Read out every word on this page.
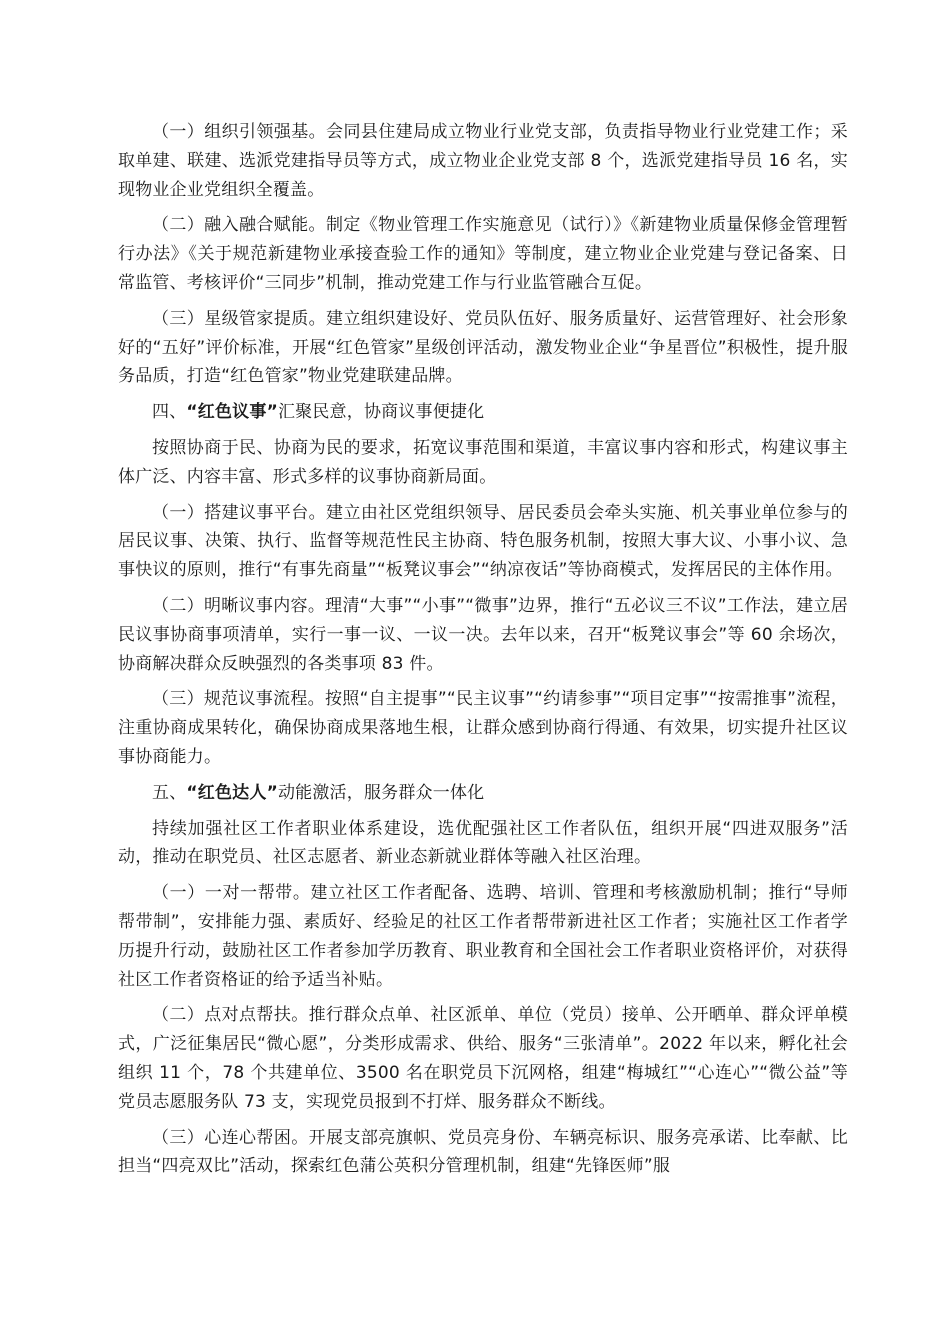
（一）组织引领强基。会同县住建局成立物业行业党支部，负责指导物业行业党建工作；采取单建、联建、选派党建指导员等方式，成立物业企业党支部 8 个，选派党建指导员 16 名，实现物业企业党组织全覆盖。

（二）融入融合赋能。制定《物业管理工作实施意见（试行）》《新建物业质量保修金管理暂行办法》《关于规范新建物业承接查验工作的通知》等制度，建立物业企业党建与登记备案、日常监管、考核评价“三同步”机制，推动党建工作与行业监管融合互促。

（三）星级管家提质。建立组织建设好、党员队伍好、服务质量好、运营管理好、社会形象好的“五好”评价标准，开展“红色管家”星级创评活动，激发物业企业“争星晋位”积极性，提升服务品质，打造“红色管家”物业党建联建品牌。

四、“红色议事”汇聚民意，协商议事便捷化

按照协商于民、协商为民的要求，拓宽议事范围和渠道，丰富议事内容和形式，构建议事主体广泛、内容丰富、形式多样的议事协商新局面。

（一）搭建议事平台。建立由社区党组织领导、居民委员会牵头实施、机关事业单位参与的居民议事、决策、执行、监督等规范性民主协商、特色服务机制，按照大事大议、小事小议、急事快议的原则，推行“有事先商量”“板凳议事会”“纳凉夜话”等协商模式，发挥居民的主体作用。

（二）明晰议事内容。理清“大事”“小事”“微事”边界，推行“五必议三不议”工作法，建立居民议事协商事项清单，实行一事一议、一议一决。去年以来，召开“板凳议事会”等 60 余场次，协商解决群众反映强烈的各类事项 83 件。

（三）规范议事流程。按照“自主提事”“民主议事”“约请参事”“项目定事”“按需推事”流程，注重协商成果转化，确保协商成果落地生根，让群众感到协商行得通、有效果，切实提升社区议事协商能力。

五、“红色达人”动能激活，服务群众一体化

持续加强社区工作者职业体系建设，选优配强社区工作者队伍，组织开展“四进双服务”活动，推动在职党员、社区志愿者、新业态新就业群体等融入社区治理。

（一）一对一帮带。建立社区工作者配备、选聘、培训、管理和考核激励机制；推行“导师帮带制”，安排能力强、素质好、经验足的社区工作者帮带新进社区工作者；实施社区工作者学历提升行动，鼓励社区工作者参加学历教育、职业教育和全国社会工作者职业资格评价，对获得社区工作者资格证的给予适当补贴。

（二）点对点帮扶。推行群众点单、社区派单、单位（党员）接单、公开晒单、群众评单模式，广泛征集居民“微心愿”，分类形成需求、供给、服务“三张清单”。2022 年以来，孵化社会组织 11 个，78 个共建单位、3500 名在职党员下沉网格，组建“梅城红”“心连心”“微公益”等党员志愿服务队 73 支，实现党员报到不打烊、服务群众不断线。

（三）心连心帮困。开展支部亮旗帜、党员亮身份、车辆亮标识、服务亮承诺、比奉献、比担当“四亮双比”活动，探索红色蒲公英积分管理机制，组建“先锋医师”服
